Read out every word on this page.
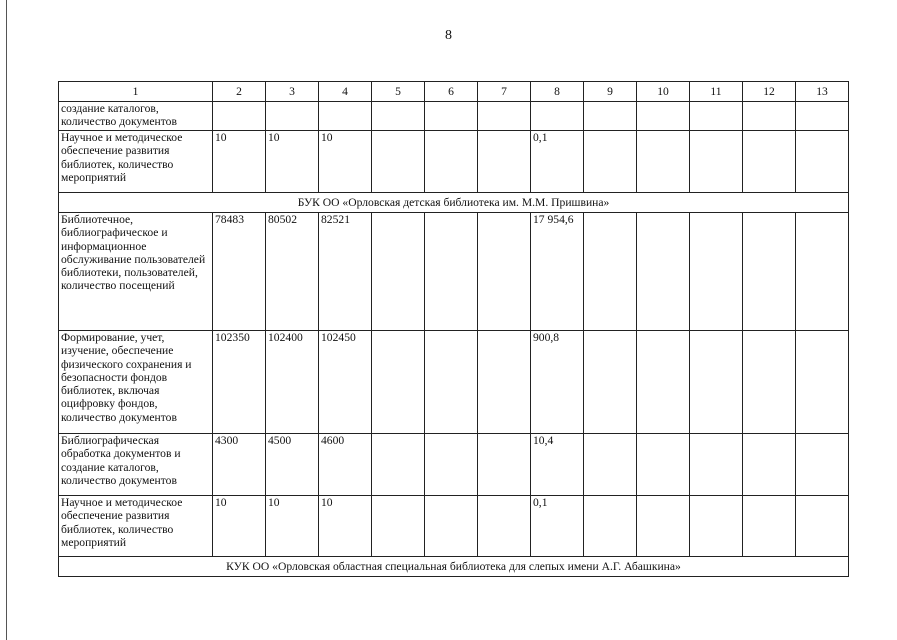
8
1	2	3	4	5	6	7	8	9	10	11	12	13
создание каталогов, количество документов												
Научное и методическое обеспечение развития библиотек, количество мероприятий	10	10	10				0,1					
БУК ОО «Орловская детская библиотека им. М.М. Пришвина»												
Библиотечное, библиографическое и информационное обслуживание пользователей библиотеки, пользователей, количество посещений	78483	80502	82521				17 954,6					
Формирование, учет, изучение, обеспечение физического сохранения и безопасности фондов библиотек, включая оцифровку фондов, количество документов	102350	102400	102450				900,8					
Библиографическая обработка документов и создание каталогов, количество документов	4300	4500	4600				10,4					
Научное и методическое обеспечение развития библиотек, количество мероприятий	10	10	10				0,1					
КУК ОО «Орловская областная специальная библиотека для слепых имени А.Г. Абашкина»												
